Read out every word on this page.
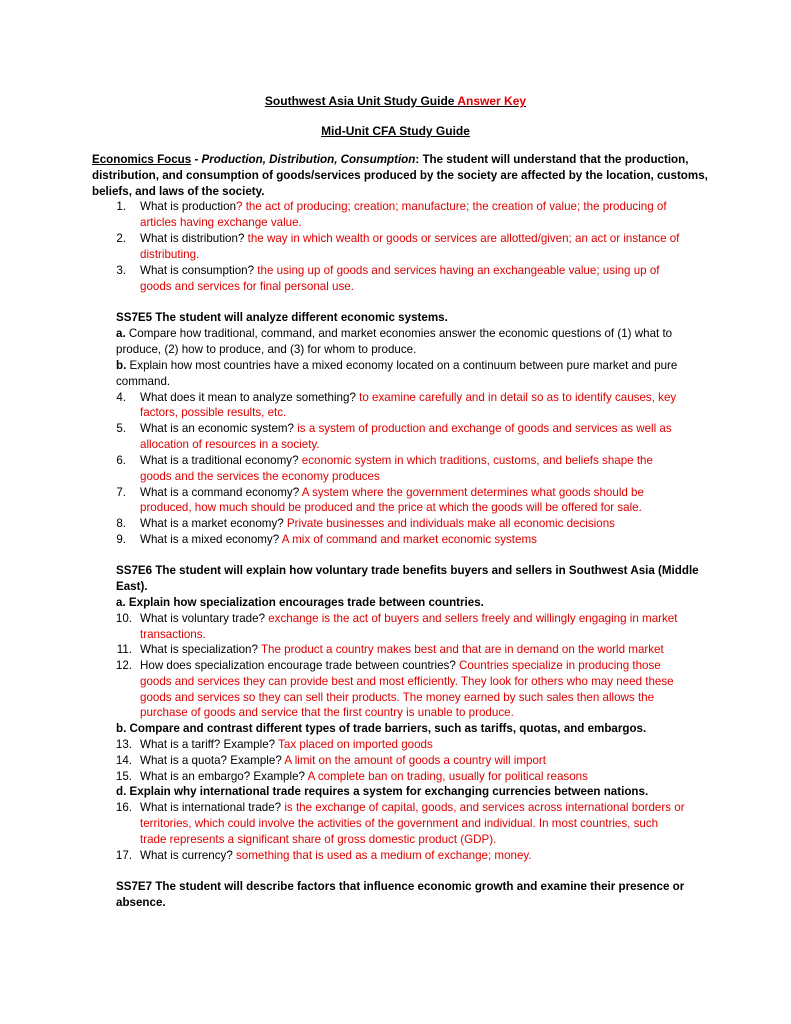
Southwest Asia Unit Study Guide Answer Key
Mid-Unit CFA Study Guide
Economics Focus - Production, Distribution, Consumption: The student will understand that the production,
distribution, and consumption of goods/services produced by the society are affected by the location, customs,
beliefs, and laws of the society.
1. What is production? the act of producing; creation; manufacture; the creation of value; the producing of
articles having exchange value.
2. What is distribution? the way in which wealth or goods or services are allotted/given; an act or instance of
distributing.
3. What is consumption? the using up of goods and services having an exchangeable value; using up of
goods and services for final personal use.
SS7E5 The student will analyze different economic systems.
a. Compare how traditional, command, and market economies answer the economic questions of (1) what to
produce, (2) how to produce, and (3) for whom to produce.
b. Explain how most countries have a mixed economy located on a continuum between pure market and pure
command.
4. What does it mean to analyze something? to examine carefully and in detail so as to identify causes, key
factors, possible results, etc.
5. What is an economic system? is a system of production and exchange of goods and services as well as
allocation of resources in a society.
6. What is a traditional economy? economic system in which traditions, customs, and beliefs shape the
goods and the services the economy produces
7. What is a command economy? A system where the government determines what goods should be
produced, how much should be produced and the price at which the goods will be offered for sale.
8. What is a market economy? Private businesses and individuals make all economic decisions
9. What is a mixed economy? A mix of command and market economic systems
SS7E6 The student will explain how voluntary trade benefits buyers and sellers in Southwest Asia (Middle
East).
a. Explain how specialization encourages trade between countries.
10. What is voluntary trade? exchange is the act of buyers and sellers freely and willingly engaging in market
transactions.
11. What is specialization? The product a country makes best and that are in demand on the world market
12. How does specialization encourage trade between countries? Countries specialize in producing those
goods and services they can provide best and most efficiently. They look for others who may need these
goods and services so they can sell their products. The money earned by such sales then allows the
purchase of goods and service that the first country is unable to produce.
b. Compare and contrast different types of trade barriers, such as tariffs, quotas, and embargos.
13. What is a tariff? Example? Tax placed on imported goods
14. What is a quota? Example? A limit on the amount of goods a country will import
15. What is an embargo? Example? A complete ban on trading, usually for political reasons
d. Explain why international trade requires a system for exchanging currencies between nations.
16. What is international trade? is the exchange of capital, goods, and services across international borders or
territories, which could involve the activities of the government and individual. In most countries, such
trade represents a significant share of gross domestic product (GDP).
17. What is currency? something that is used as a medium of exchange; money.
SS7E7 The student will describe factors that influence economic growth and examine their presence or
absence.
